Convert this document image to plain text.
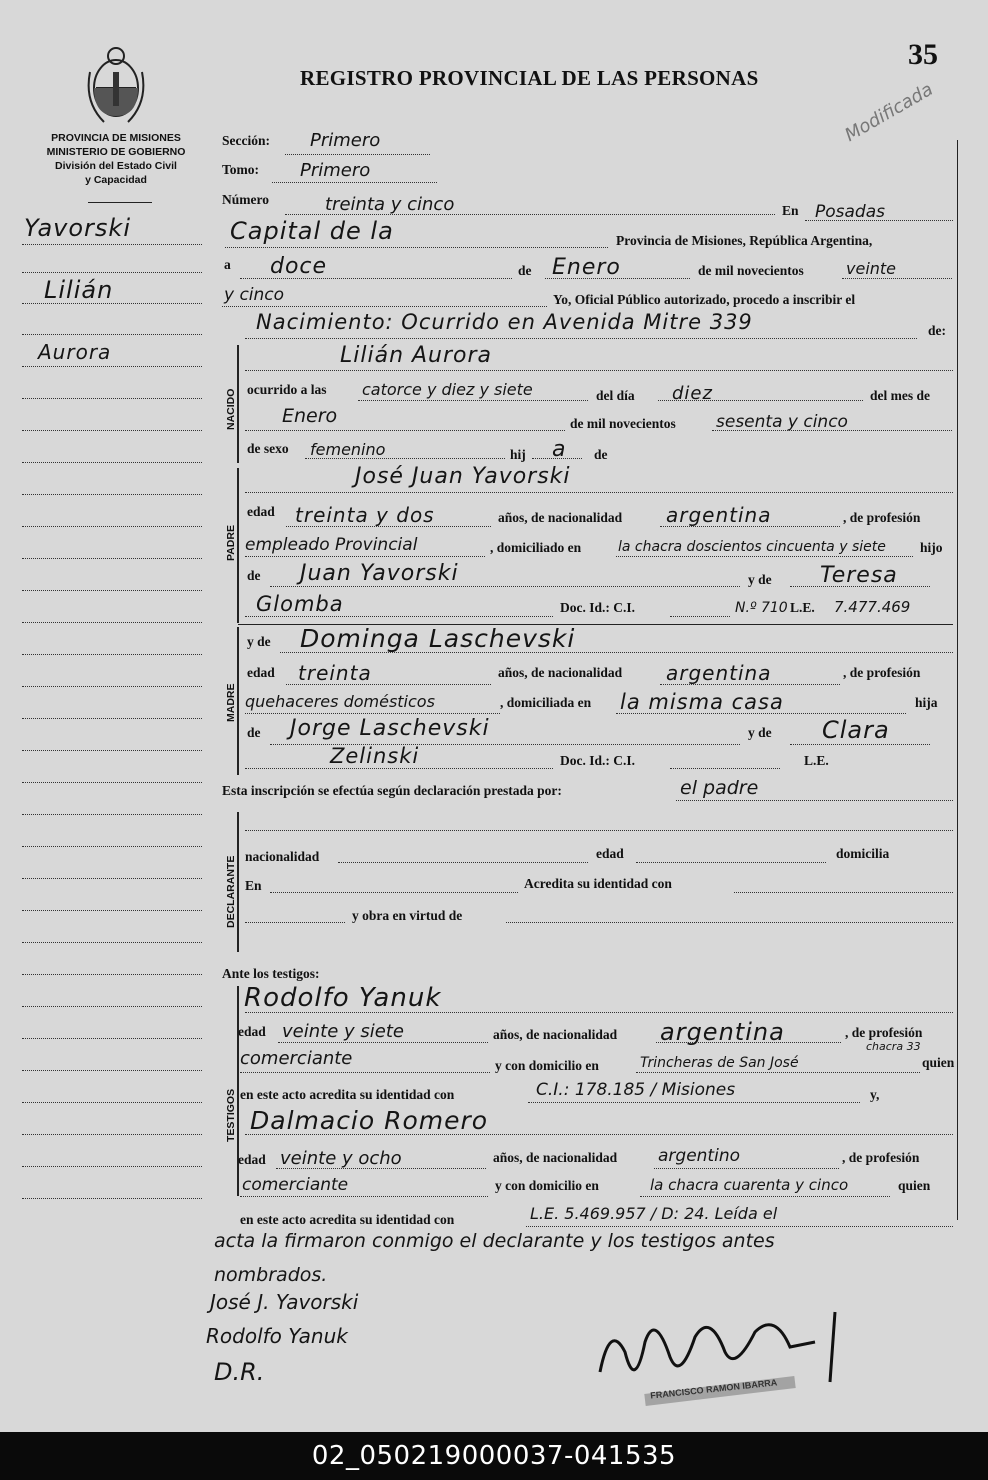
PROVINCIA DE MISIONES
MINISTERIO DE GOBIERNO
División del Estado Civil
y Capacidad
REGISTRO PROVINCIAL DE LAS PERSONAS
35
Modificada
Yavorski
Lilián
Aurora
Sección: Primero
Tomo: Primero
Número	treinta y cinco	En Posadas
Capital de la	Provincia de Misiones, República Argentina,
a doce	de Enero	de mil novecientos	veinte
y cinco	Yo, Oficial Público autorizado, procedo a inscribir el
Nacimiento: Ocurrido en Avenida Mitre 339	de:
NACIDO
Lilián Aurora
ocurrido a las catorce y diez y siete	del día diez	del mes de
Enero	de mil novecientos sesenta y cinco
de sexo femenino	hij a de
PADRE
José Juan Yavorski
edad treinta y dos	años, de nacionalidad argentina	, de profesión
empleado Provincial	, domiciliado en	la chacra doscientos cincuenta y siete	hijo
de Juan Yavorski	y de Teresa
Glomba	Doc. Id.: C.I.	N.º 710 L.E. 7.477.469
MADRE
y de Dominga Laschevski
edad treinta	años, de nacionalidad argentina	, de profesión
quehaceres domésticos	, domiciliada en la misma casa	hija
de Jorge Laschevski	y de Clara
Zelinski	Doc. Id.: C.I.	L.E.
Esta inscripción se efectúa según declaración prestada por:	el padre
DECLARANTE nacionalidad	edad	domicilia
En	Acredita su identidad con
y obra en virtud de
Ante los testigos:
TESTIGOS
Rodolfo Yanuk
edad veinte y siete	años, de nacionalidad argentina	, de profesión
comerciante	y con domicilio en	Trincheras de San José
chacra 33
quien
en este acto acredita su identidad con	C.I.: 178.185 / Misiones	y,
Dalmacio Romero
edad veinte y ocho	años, de nacionalidad argentino	, de profesión
comerciante	y con domicilio en	la chacra cuarenta y cinco	quien
en este acto acredita su identidad con	L.E. 5.469.957 / D: 24. Leída el
acta la firmaron conmigo el declarante y los testigos antes
nombrados.
José J. Yavorski
Rodolfo Yanuk
D.R.
FRANCISCO RAMON IBARRA
02_050219000037-041535
